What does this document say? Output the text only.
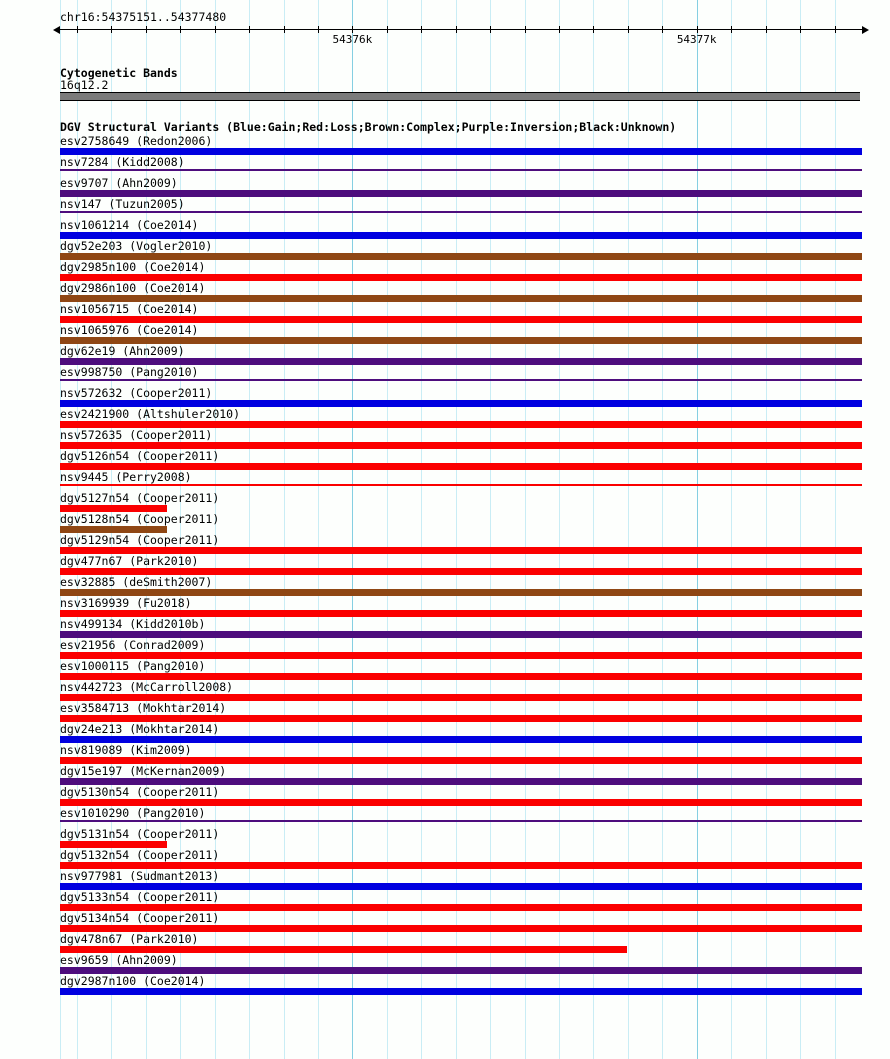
chr16:54375151..54377480
54376k	54377k
Cytogenetic Bands
16q12.2
DGV Structural Variants (Blue:Gain;Red:Loss;Brown:Complex;Purple:Inversion;Black:Unknown)
esv2758649 (Redon2006)
nsv7284 (Kidd2008)
esv9707 (Ahn2009)
nsv147 (Tuzun2005)
nsv1061214 (Coe2014)
dgv52e203 (Vogler2010)
dgv2985n100 (Coe2014)
dgv2986n100 (Coe2014)
nsv1056715 (Coe2014)
nsv1065976 (Coe2014)
dgv62e19 (Ahn2009)
esv998750 (Pang2010)
nsv572632 (Cooper2011)
esv2421900 (Altshuler2010)
nsv572635 (Cooper2011)
dgv5126n54 (Cooper2011)
nsv9445 (Perry2008)
dgv5127n54 (Cooper2011)
dgv5128n54 (Cooper2011)
dgv5129n54 (Cooper2011)
dgv477n67 (Park2010)
esv32885 (deSmith2007)
nsv3169939 (Fu2018)
nsv499134 (Kidd2010b)
esv21956 (Conrad2009)
esv1000115 (Pang2010)
nsv442723 (McCarroll2008)
esv3584713 (Mokhtar2014)
dgv24e213 (Mokhtar2014)
nsv819089 (Kim2009)
dgv15e197 (McKernan2009)
dgv5130n54 (Cooper2011)
esv1010290 (Pang2010)
dgv5131n54 (Cooper2011)
dgv5132n54 (Cooper2011)
nsv977981 (Sudmant2013)
dgv5133n54 (Cooper2011)
dgv5134n54 (Cooper2011)
dgv478n67 (Park2010)
esv9659 (Ahn2009)
dgv2987n100 (Coe2014)
